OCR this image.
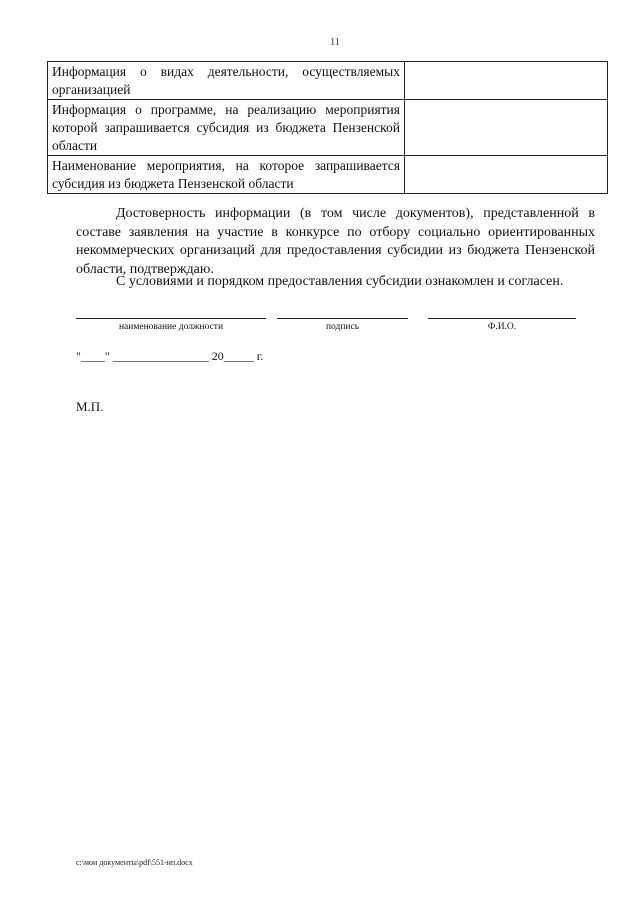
11
Информация о видах деятельности, осуществляемых организацией	
Информация о программе, на реализацию мероприятия которой запрашивается субсидия из бюджета Пензенской области	
Наименование мероприятия, на которое запрашивается субсидия из бюджета Пензенской области	
Достоверность информации (в том числе документов), представленной в составе заявления на участие в конкурсе по отбору социально ориентированных некоммерческих организаций для предоставления субсидии из бюджета Пензенской области, подтверждаю.
С условиями и порядком предоставления субсидии ознакомлен и согласен.
наименование должности	подпись	Ф.И.О.
"____" ________________ 20_____ г.
М.П.
c:\мои документы\pdf\551-ип.docx
